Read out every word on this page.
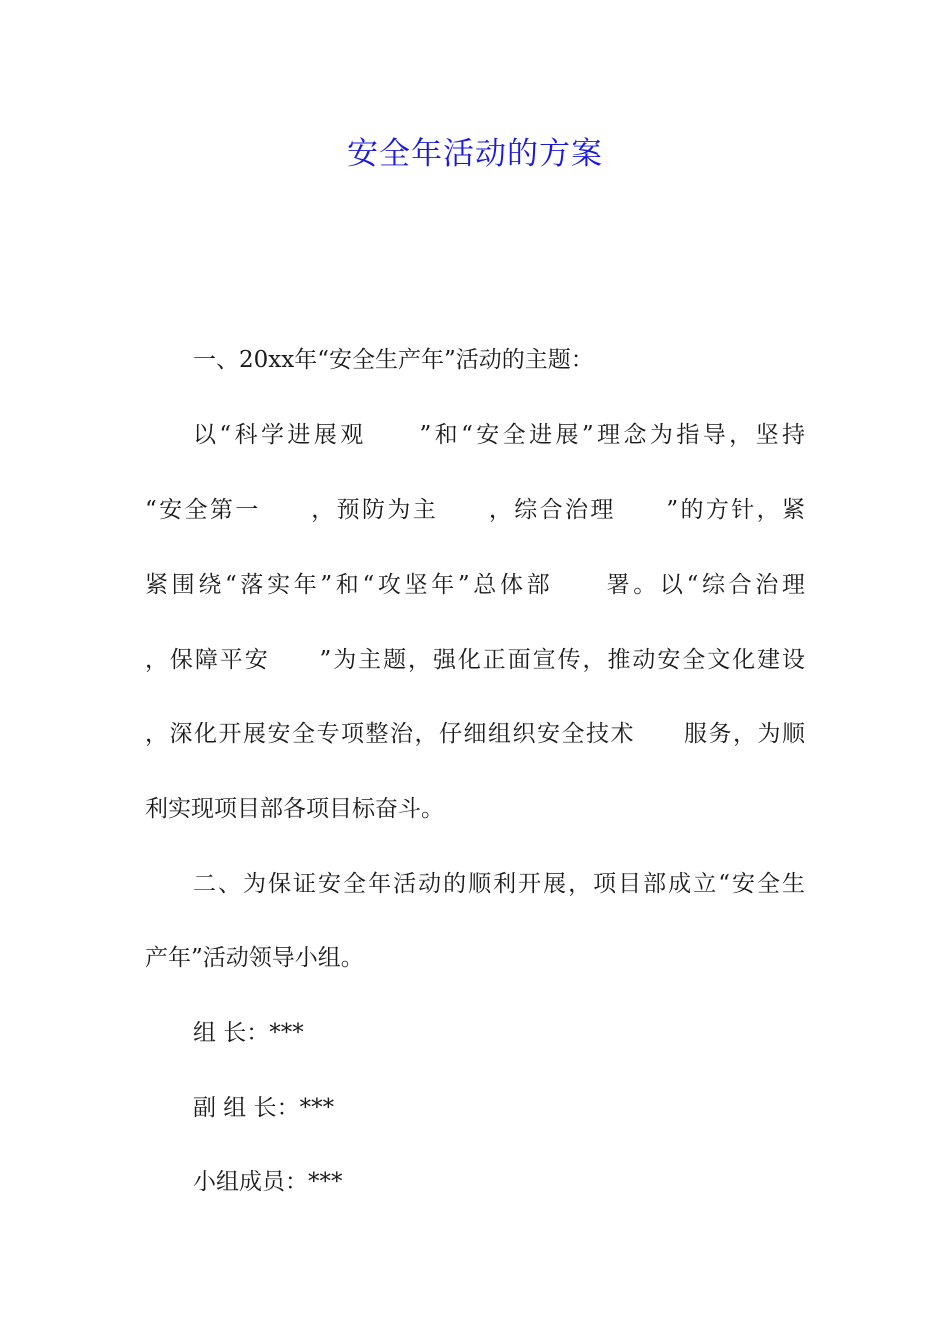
安全年活动的方案
一、20xx年“安全生产年”活动的主题：
以“科学进展观　　”和“安全进展”理念为指导，坚持
“安全第一　　，预防为主　　，综合治理　　”的方针，紧
紧围绕“落实年”和“攻坚年”总体部　　署。以“综合治理
，保障平安　　”为主题，强化正面宣传，推动安全文化建设
，深化开展安全专项整治，仔细组织安全技术　　服务，为顺
利实现项目部各项目标奋斗。
二、为保证安全年活动的顺利开展，项目部成立“安全生
产年”活动领导小组。
组 长：***
副 组 长：***
小组成员：***
